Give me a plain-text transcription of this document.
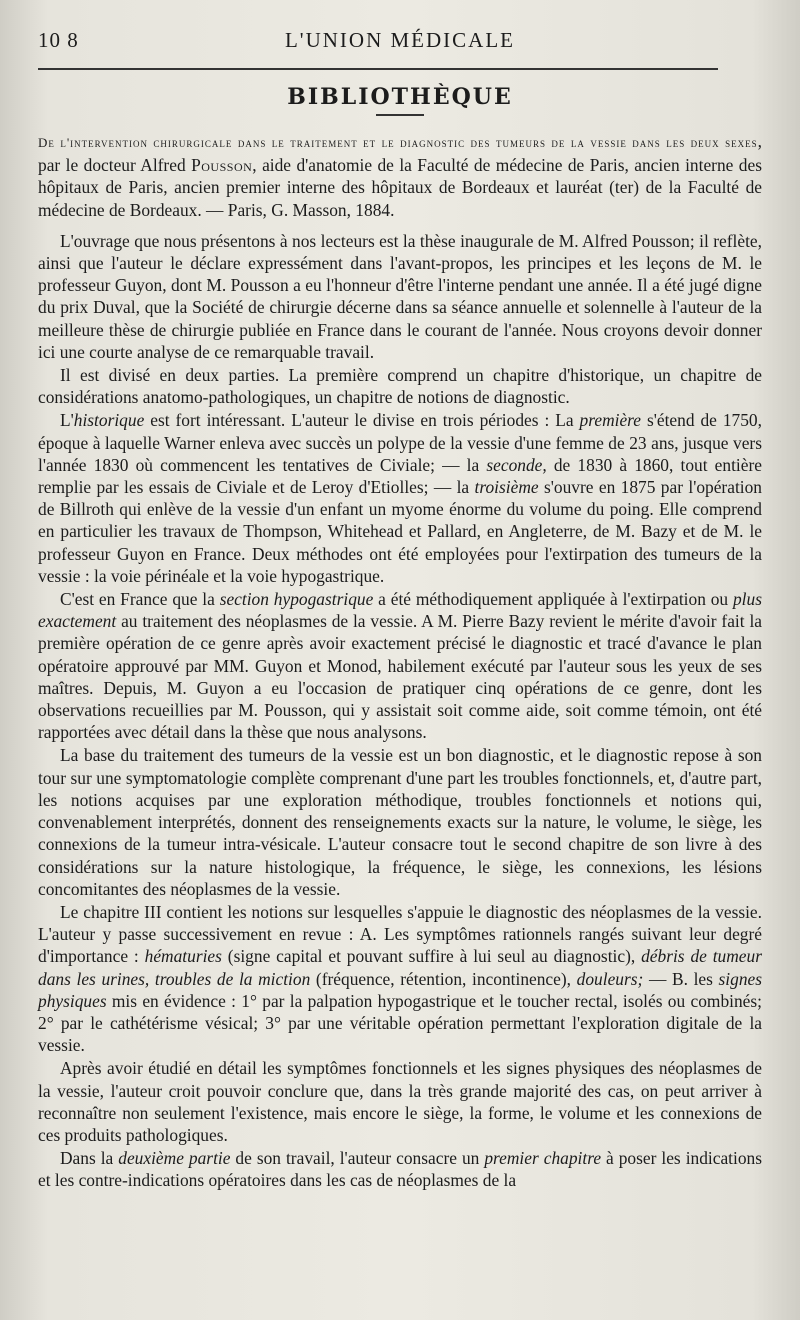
10 8	L'UNION MÉDICALE
BIBLIOTHÈQUE

De l'intervention chirurgicale dans le traitement et le diagnostic des tumeurs de la vessie dans les deux sexes, par le docteur Alfred Pousson, aide d'anatomie de la Faculté de médecine de Paris, ancien interne des hôpitaux de Paris, ancien premier interne des hôpitaux de Bordeaux et lauréat (ter) de la Faculté de médecine de Bordeaux. — Paris, G. Masson, 1884.

L'ouvrage que nous présentons à nos lecteurs est la thèse inaugurale de M. Alfred Pousson; il reflète, ainsi que l'auteur le déclare expressément dans l'avant-propos, les principes et les leçons de M. le professeur Guyon, dont M. Pousson a eu l'honneur d'être l'interne pendant une année. Il a été jugé digne du prix Duval, que la Société de chirurgie décerne dans sa séance annuelle et solennelle à l'auteur de la meilleure thèse de chirurgie publiée en France dans le courant de l'année. Nous croyons devoir donner ici une courte analyse de ce remarquable travail.

Il est divisé en deux parties. La première comprend un chapitre d'historique, un chapitre de considérations anatomo-pathologiques, un chapitre de notions de diagnostic.

L'historique est fort intéressant. L'auteur le divise en trois périodes : La première s'étend de 1750, époque à laquelle Warner enleva avec succès un polype de la vessie d'une femme de 23 ans, jusque vers l'année 1830 où commencent les tentatives de Civiale; — la seconde, de 1830 à 1860, tout entière remplie par les essais de Civiale et de Leroy d'Etiolles; — la troisième s'ouvre en 1875 par l'opération de Billroth qui enlève de la vessie d'un enfant un myome énorme du volume du poing. Elle comprend en particulier les travaux de Thompson, Whitehead et Pallard, en Angleterre, de M. Bazy et de M. le professeur Guyon en France. Deux méthodes ont été employées pour l'extirpation des tumeurs de la vessie : la voie périnéale et la voie hypogastrique.

C'est en France que la section hypogastrique a été méthodiquement appliquée à l'extirpation ou plus exactement au traitement des néoplasmes de la vessie. A M. Pierre Bazy revient le mérite d'avoir fait la première opération de ce genre après avoir exactement précisé le diagnostic et tracé d'avance le plan opératoire approuvé par MM. Guyon et Monod, habilement exécuté par l'auteur sous les yeux de ses maîtres. Depuis, M. Guyon a eu l'occasion de pratiquer cinq opérations de ce genre, dont les observations recueillies par M. Pousson, qui y assistait soit comme aide, soit comme témoin, ont été rapportées avec détail dans la thèse que nous analysons.

La base du traitement des tumeurs de la vessie est un bon diagnostic, et le diagnostic repose à son tour sur une symptomatologie complète comprenant d'une part les troubles fonctionnels, et, d'autre part, les notions acquises par une exploration méthodique, troubles fonctionnels et notions qui, convenablement interprétés, donnent des renseignements exacts sur la nature, le volume, le siège, les connexions de la tumeur intra-vésicale. L'auteur consacre tout le second chapitre de son livre à des considérations sur la nature histologique, la fréquence, le siège, les connexions, les lésions concomitantes des néoplasmes de la vessie.

Le chapitre III contient les notions sur lesquelles s'appuie le diagnostic des néoplasmes de la vessie. L'auteur y passe successivement en revue : A. Les symptômes rationnels rangés suivant leur degré d'importance : hématuries (signe capital et pouvant suffire à lui seul au diagnostic), débris de tumeur dans les urines, troubles de la miction (fréquence, rétention, incontinence), douleurs; — B. les signes physiques mis en évidence : 1° par la palpation hypogastrique et le toucher rectal, isolés ou combinés; 2° par le cathétérisme vésical; 3° par une véritable opération permettant l'exploration digitale de la vessie.

Après avoir étudié en détail les symptômes fonctionnels et les signes physiques des néoplasmes de la vessie, l'auteur croit pouvoir conclure que, dans la très grande majorité des cas, on peut arriver à reconnaître non seulement l'existence, mais encore le siège, la forme, le volume et les connexions de ces produits pathologiques.

Dans la deuxième partie de son travail, l'auteur consacre un premier chapitre à poser les indications et les contre-indications opératoires dans les cas de néoplasmes de la
